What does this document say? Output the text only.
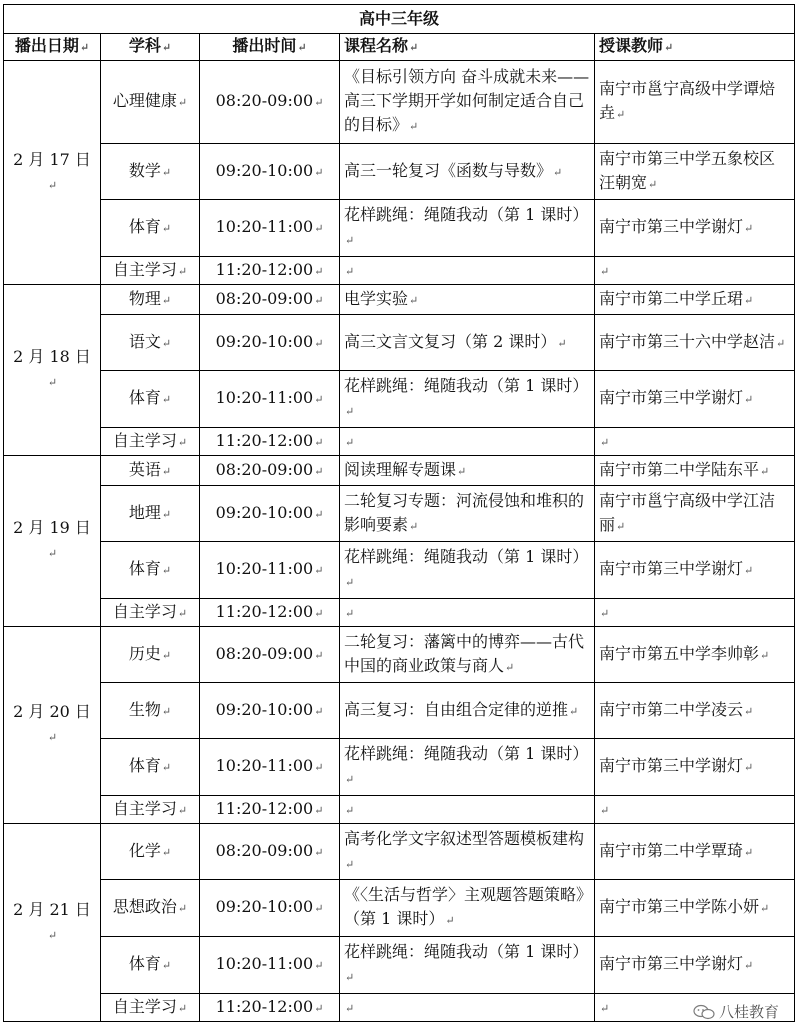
高中三年级				
播出日期↵	学科↵	播出时间↵	课程名称↵	授课教师↵
2 月 17 日↵	心理健康↵	08:20-09:00↵	《目标引领方向 奋斗成就未来——高三下学期开学如何制定适合自己的目标》↵	南宁市邕宁高级中学谭焙垚↵
	数学↵	09:20-10:00↵	高三一轮复习《函数与导数》↵	南宁市第三中学五象校区汪朝宽↵
	体育↵	10:20-11:00↵	花样跳绳：绳随我动（第 1 课时）↵	南宁市第三中学谢灯↵
	自主学习↵	11:20-12:00↵	↵	↵
2 月 18 日↵	物理↵	08:20-09:00↵	电学实验↵	南宁市第二中学丘珺↵
	语文↵	09:20-10:00↵	高三文言文复习（第 2 课时）↵	南宁市第三十六中学赵洁↵
	体育↵	10:20-11:00↵	花样跳绳：绳随我动（第 1 课时）↵	南宁市第三中学谢灯↵
	自主学习↵	11:20-12:00↵	↵	↵
2 月 19 日↵	英语↵	08:20-09:00↵	阅读理解专题课↵	南宁市第二中学陆东平↵
	地理↵	09:20-10:00↵	二轮复习专题：河流侵蚀和堆积的影响要素↵	南宁市邕宁高级中学江洁丽↵
	体育↵	10:20-11:00↵	花样跳绳：绳随我动（第 1 课时）↵	南宁市第三中学谢灯↵
	自主学习↵	11:20-12:00↵	↵	↵
2 月 20 日↵	历史↵	08:20-09:00↵	二轮复习：藩篱中的博弈——古代中国的商业政策与商人↵	南宁市第五中学李帅彰↵
	生物↵	09:20-10:00↵	高三复习：自由组合定律的逆推↵	南宁市第二中学凌云↵
	体育↵	10:20-11:00↵	花样跳绳：绳随我动（第 1 课时）↵	南宁市第三中学谢灯↵
	自主学习↵	11:20-12:00↵	↵	↵
2 月 21 日↵	化学↵	08:20-09:00↵	高考化学文字叙述型答题模板建构↵	南宁市第二中学覃琦↵
	思想政治↵	09:20-10:00↵	《〈生活与哲学〉主观题答题策略》（第 1 课时）↵	南宁市第三中学陈小妍↵
	体育↵	10:20-11:00↵	花样跳绳：绳随我动（第 1 课时）↵	南宁市第三中学谢灯↵
	自主学习↵	11:20-12:00↵	↵	↵	八桂教育
